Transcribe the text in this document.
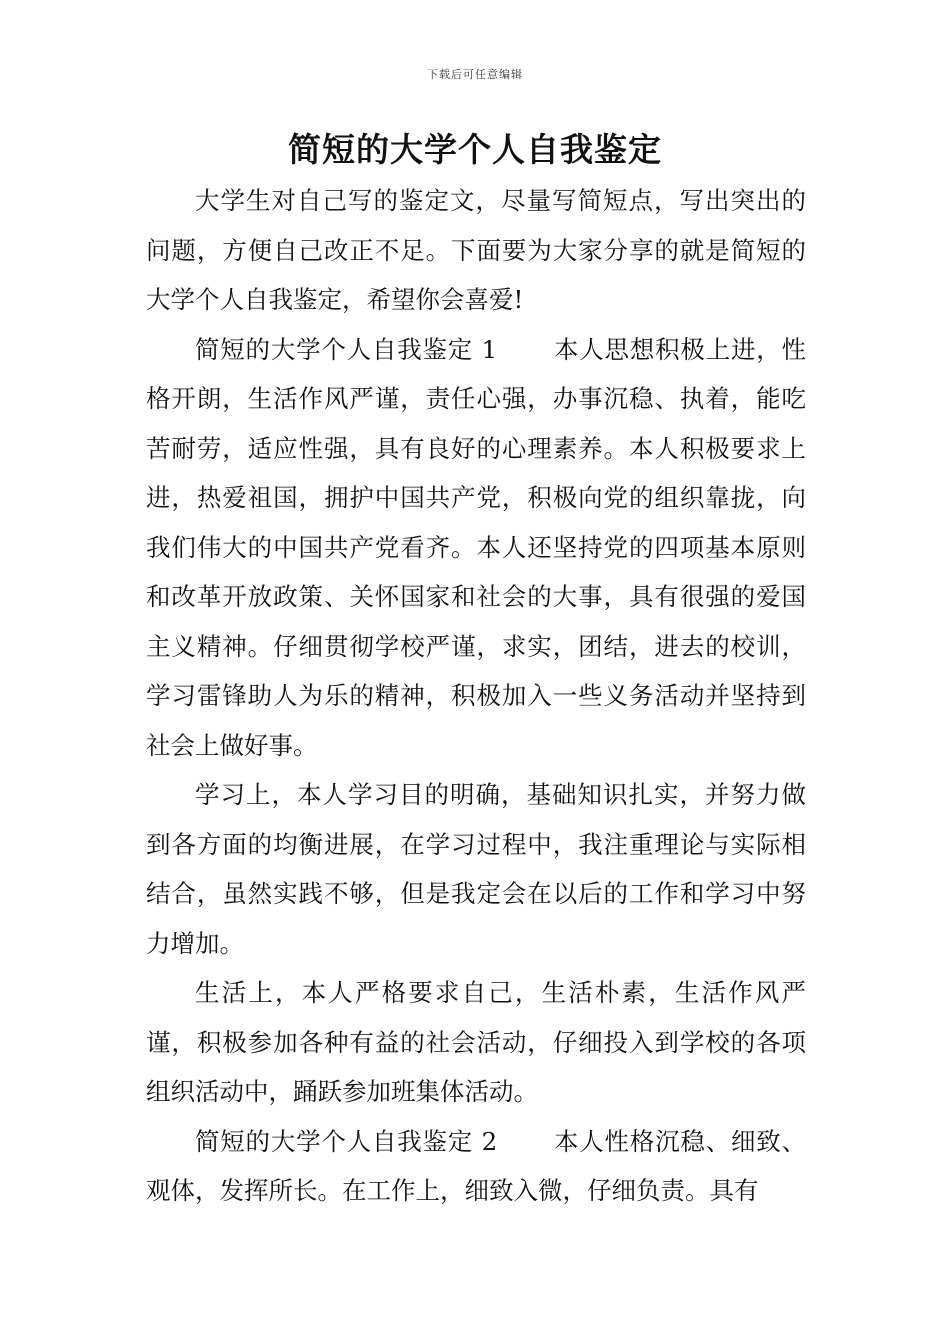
下载后可任意编辑
简短的大学个人自我鉴定

大学生对自己写的鉴定文，尽量写简短点，写出突出的问题，方便自己改正不足。下面要为大家分享的就是简短的大学个人自我鉴定，希望你会喜爱!

简短的大学个人自我鉴定 1 本人思想积极上进，性格开朗，生活作风严谨，责任心强，办事沉稳、执着，能吃苦耐劳，适应性强，具有良好的心理素养。本人积极要求上进，热爱祖国，拥护中国共产党，积极向党的组织靠拢，向我们伟大的中国共产党看齐。本人还坚持党的四项基本原则和改革开放政策、关怀国家和社会的大事，具有很强的爱国主义精神。仔细贯彻学校严谨，求实，团结，进去的校训，学习雷锋助人为乐的精神，积极加入一些义务活动并坚持到社会上做好事。

学习上，本人学习目的明确，基础知识扎实，并努力做到各方面的均衡进展，在学习过程中，我注重理论与实际相结合，虽然实践不够，但是我定会在以后的工作和学习中努力增加。

生活上，本人严格要求自己，生活朴素，生活作风严谨，积极参加各种有益的社会活动，仔细投入到学校的各项组织活动中，踊跃参加班集体活动。

简短的大学个人自我鉴定 2 本人性格沉稳、细致、观体，发挥所长。在工作上，细致入微，仔细负责。具有
